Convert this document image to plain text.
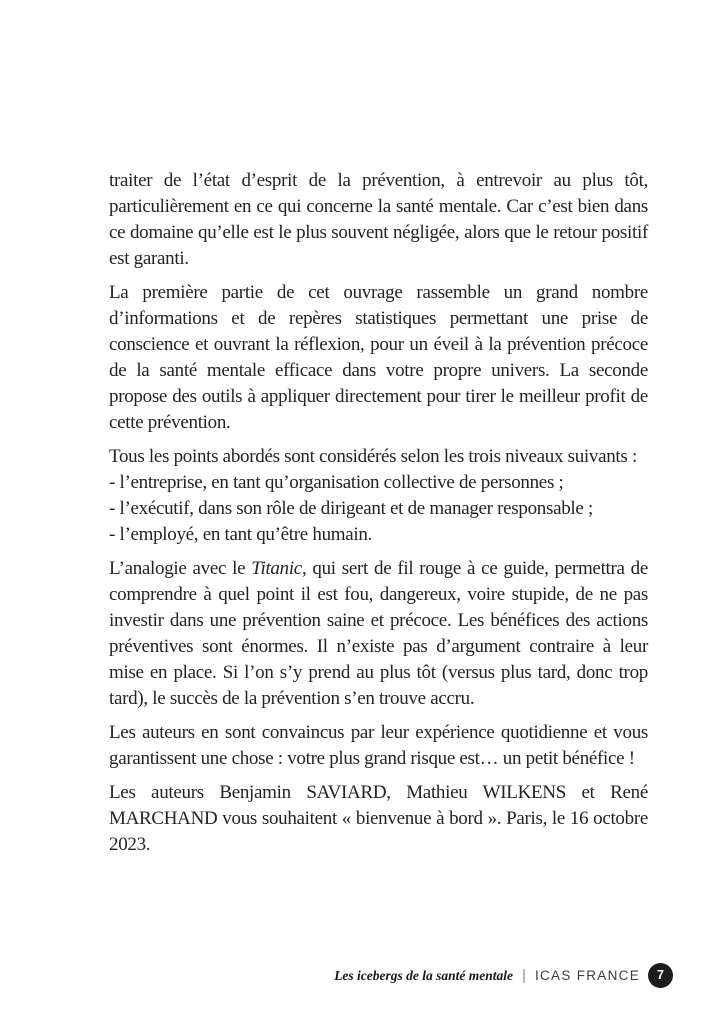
traiter de l’état d’esprit de la prévention, à entrevoir au plus tôt, particulièrement en ce qui concerne la santé mentale. Car c’est bien dans ce domaine qu’elle est le plus souvent négligée, alors que le retour positif est garanti.

La première partie de cet ouvrage rassemble un grand nombre d’informations et de repères statistiques permettant une prise de conscience et ouvrant la réflexion, pour un éveil à la prévention précoce de la santé mentale efficace dans votre propre univers. La seconde propose des outils à appliquer directement pour tirer le meilleur profit de cette prévention.

Tous les points abordés sont considérés selon les trois niveaux suivants :
- l’entreprise, en tant qu’organisation collective de personnes ;
- l’exécutif, dans son rôle de dirigeant et de manager responsable ;
- l’employé, en tant qu’être humain.

L’analogie avec le Titanic, qui sert de fil rouge à ce guide, permettra de comprendre à quel point il est fou, dangereux, voire stupide, de ne pas investir dans une prévention saine et précoce. Les bénéfices des actions préventives sont énormes. Il n’existe pas d’argument contraire à leur mise en place. Si l’on s’y prend au plus tôt (versus plus tard, donc trop tard), le succès de la prévention s’en trouve accru.

Les auteurs en sont convaincus par leur expérience quotidienne et vous garantissent une chose : votre plus grand risque est… un petit bénéfice !

Les auteurs Benjamin SAVIARD, Mathieu WILKENS et René MARCHAND vous souhaitent « bienvenue à bord ». Paris, le 16 octobre 2023.

Les icebergs de la santé mentale | ICAS FRANCE	7
